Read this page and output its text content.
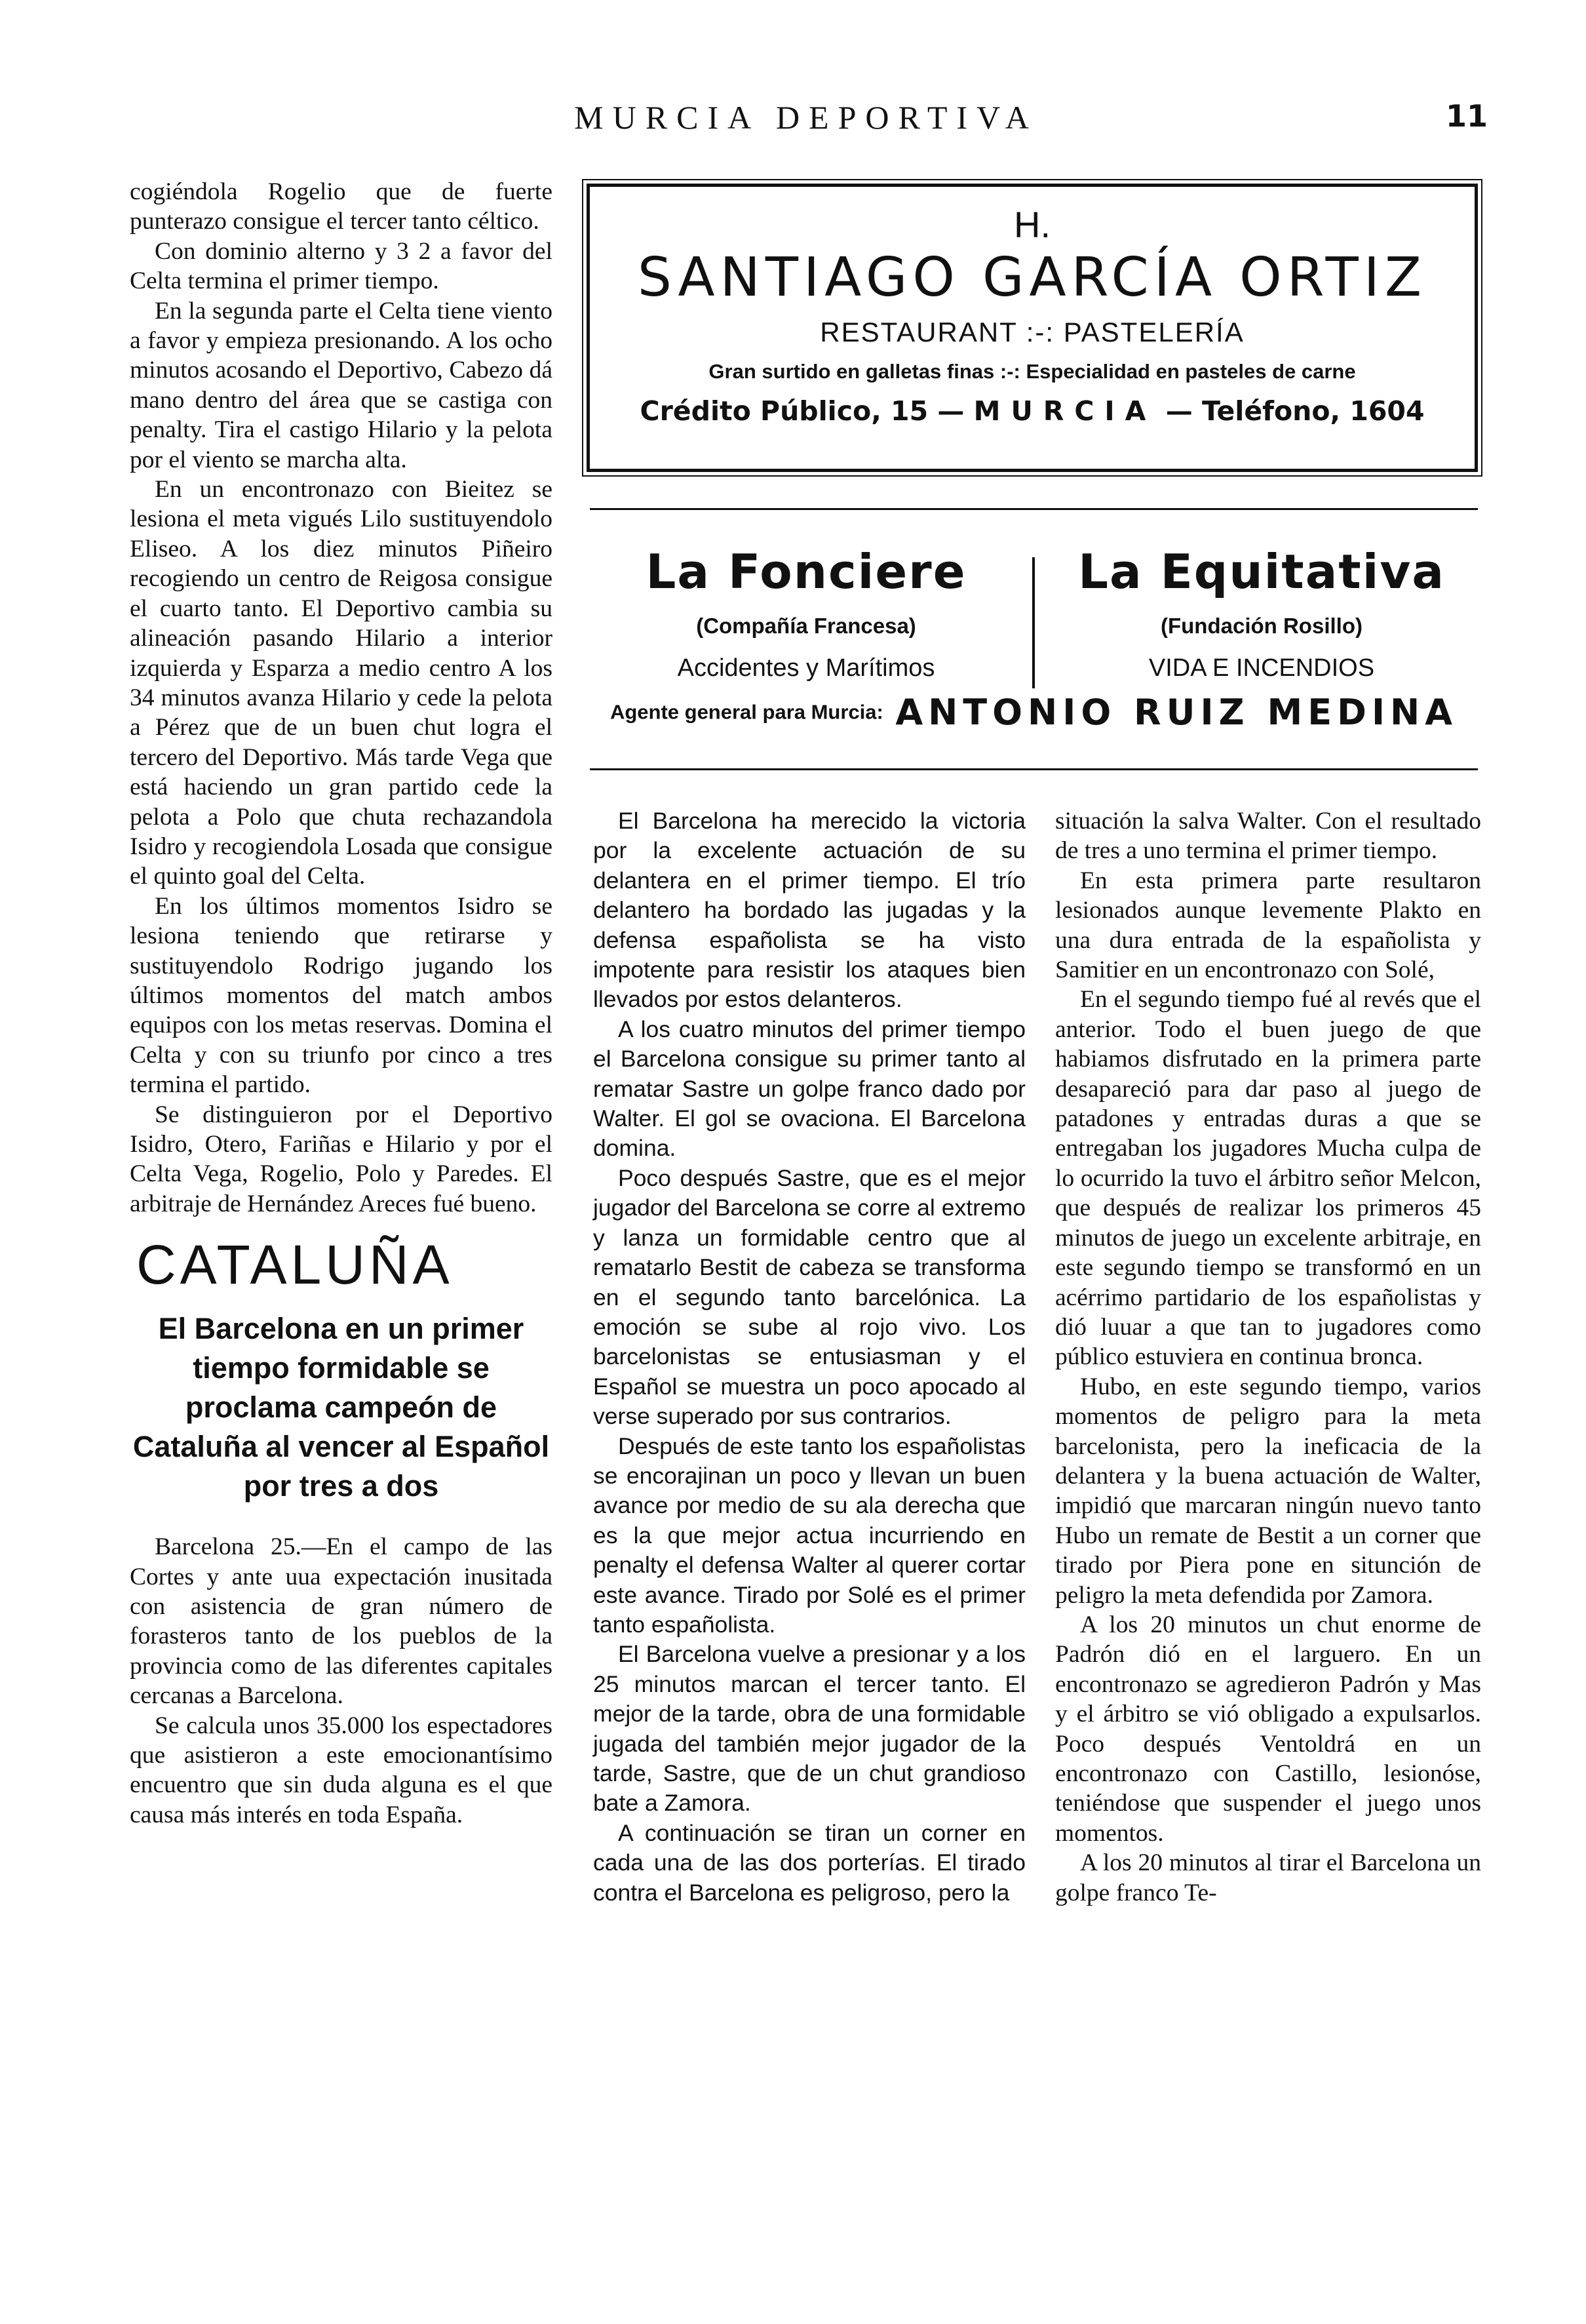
MURCIA DEPORTIVA	11

cogiéndola Rogelio que de fuerte punterazo consigue el tercer tanto céltico.

Con dominio alterno y 3 2 a favor del Celta termina el primer tiempo.

En la segunda parte el Celta tiene viento a favor y empieza presionando. A los ocho minutos acosando el Deportivo, Cabezo dá mano dentro del área que se castiga con penalty. Tira el castigo Hilario y la pelota por el viento se marcha alta.

En un encontronazo con Bieitez se lesiona el meta vigués Lilo sustituyendolo Eliseo. A los diez minutos Piñeiro recogiendo un centro de Reigosa consigue el cuarto tanto. El Deportivo cambia su alineación pasando Hilario a interior izquierda y Esparza a medio centro A los 34 minutos avanza Hilario y cede la pelota a Pérez que de un buen chut logra el tercero del Deportivo. Más tarde Vega que está haciendo un gran partido cede la pelota a Polo que chuta rechazandola Isidro y recogiendola Losada que consigue el quinto goal del Celta.

En los últimos momentos Isidro se lesiona teniendo que retirarse y sustituyendolo Rodrigo jugando los últimos momentos del match ambos equipos con los metas reservas. Domina el Celta y con su triunfo por cinco a tres termina el partido.

Se distinguieron por el Deportivo Isidro, Otero, Fariñas e Hilario y por el Celta Vega, Rogelio, Polo y Paredes. El arbitraje de Hernández Areces fué bueno.

CATALUÑA
El Barcelona en un primer tiempo formidable se proclama campeón de Cataluña al vencer al Español por tres a dos

Barcelona 25.—En el campo de las Cortes y ante uua expectación inusitada con asistencia de gran número de forasteros tanto de los pueblos de la provincia como de las diferentes capitales cercanas a Barcelona.

Se calcula unos 35.000 los espectadores que asistieron a este emocionantísimo encuentro que sin duda alguna es el que causa más interés en toda España.

H.
SANTIAGO GARCÍA ORTIZ
RESTAURANT :-: PASTELERÍA
Gran surtido en galletas finas :-: Especialidad en pasteles de carne
Crédito Público, 15 — MURCIA — Teléfono, 1604
La Fonciere
(Compañía Francesa)
Accidentes y Marítimos
La Equitativa
(Fundación Rosillo)
VIDA E INCENDIOS
Agente general para Murcia: ANTONIO RUIZ MEDINA

El Barcelona ha merecido la victoria por la excelente actuación de su delantera en el primer tiempo. El trío delantero ha bordado las jugadas y la defensa españolista se ha visto impotente para resistir los ataques bien llevados por estos delanteros.

A los cuatro minutos del primer tiempo el Barcelona consigue su primer tanto al rematar Sastre un golpe franco dado por Walter. El gol se ovaciona. El Barcelona domina.

Poco después Sastre, que es el mejor jugador del Barcelona se corre al extremo y lanza un formidable centro que al rematarlo Bestit de cabeza se transforma en el segundo tanto barcelónica. La emoción se sube al rojo vivo. Los barcelonistas se entusiasman y el Español se muestra un poco apocado al verse superado por sus contrarios.

Después de este tanto los españolistas se encorajinan un poco y llevan un buen avance por medio de su ala derecha que es la que mejor actua incurriendo en penalty el defensa Walter al querer cortar este avance. Tirado por Solé es el primer tanto españolista.

El Barcelona vuelve a presionar y a los 25 minutos marcan el tercer tanto. El mejor de la tarde, obra de una formidable jugada del también mejor jugador de la tarde, Sastre, que de un chut grandioso bate a Zamora.

A continuación se tiran un corner en cada una de las dos porterías. El tirado contra el Barcelona es peligroso, pero la

situación la salva Walter. Con el resultado de tres a uno termina el primer tiempo.

En esta primera parte resultaron lesionados aunque levemente Plakto en una dura entrada de la españolista y Samitier en un encontronazo con Solé,

En el segundo tiempo fué al revés que el anterior. Todo el buen juego de que habiamos disfrutado en la primera parte desapareció para dar paso al juego de patadones y entradas duras a que se entregaban los jugadores Mucha culpa de lo ocurrido la tuvo el árbitro señor Melcon, que después de realizar los primeros 45 minutos de juego un excelente arbitraje, en este segundo tiempo se transformó en un acérrimo partidario de los españolistas y dió luuar a que tan to jugadores como público estuviera en continua bronca.

Hubo, en este segundo tiempo, varios momentos de peligro para la meta barcelonista, pero la ineficacia de la delantera y la buena actuación de Walter, impidió que marcaran ningún nuevo tanto Hubo un remate de Bestit a un corner que tirado por Piera pone en situnción de peligro la meta defendida por Zamora.

A los 20 minutos un chut enorme de Padrón dió en el larguero. En un encontronazo se agredieron Padrón y Mas y el árbitro se vió obligado a expulsarlos. Poco después Ventoldrá en un encontronazo con Castillo, lesionóse, teniéndose que suspender el juego unos momentos.

A los 20 minutos al tirar el Barcelona un golpe franco Te-
